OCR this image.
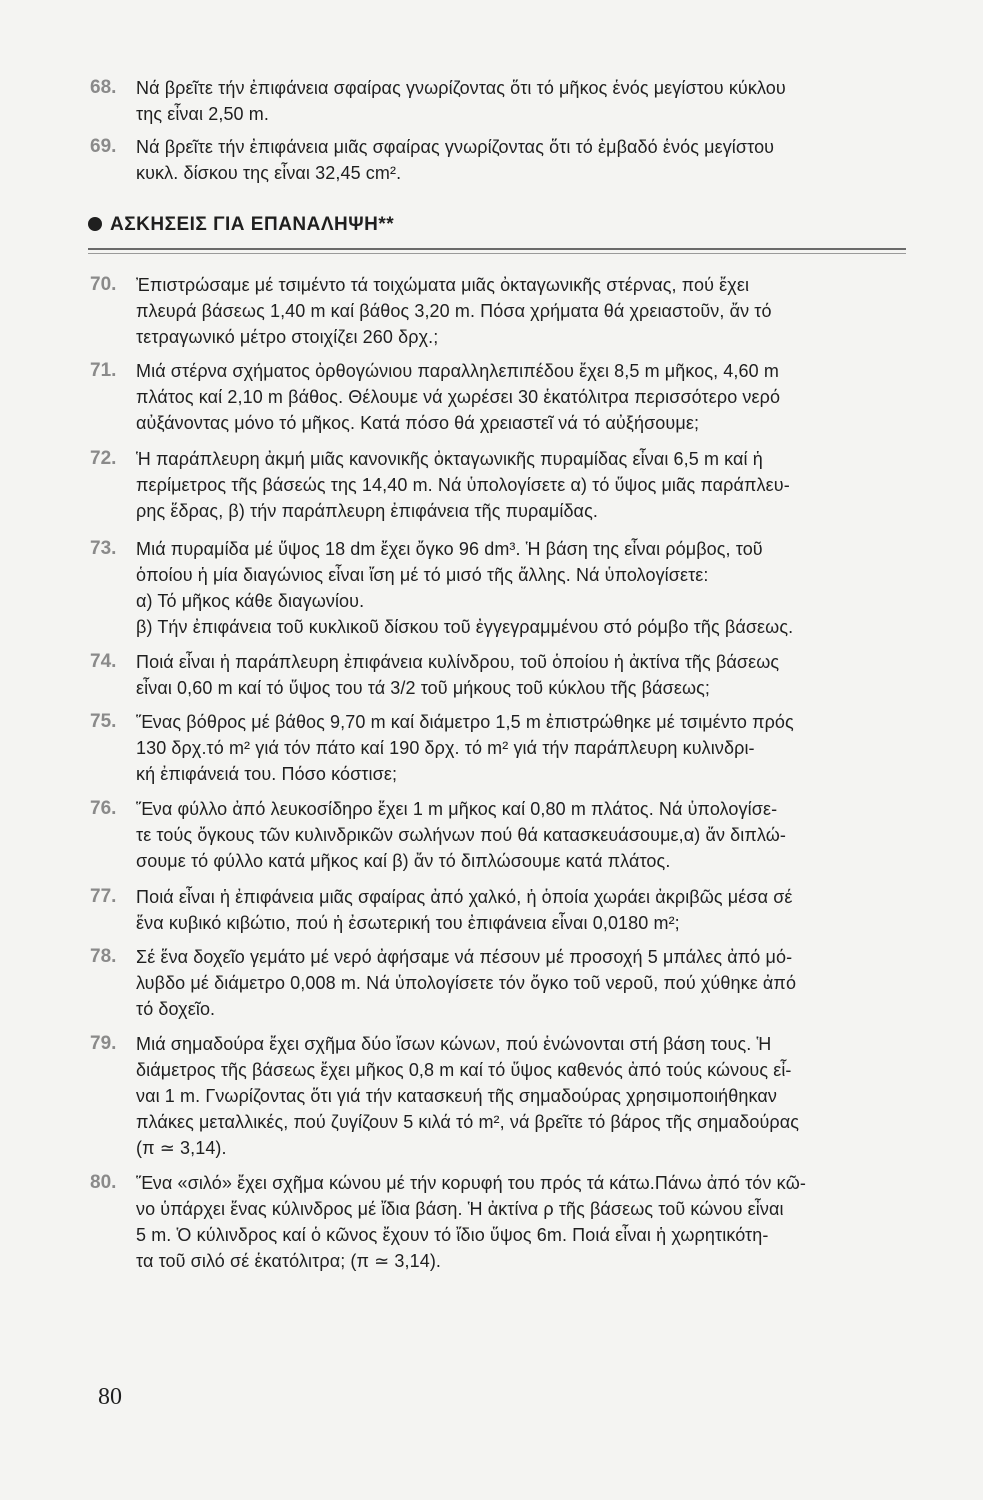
68.	Νά βρεῖτε τήν ἐπιφάνεια σφαίρας γνωρίζοντας ὅτι τό μῆκος ἑνός μεγίστου κύκλου
της εἶναι 2,50 m.
69.	Νά βρεῖτε τήν ἐπιφάνεια μιᾶς σφαίρας γνωρίζοντας ὅτι τό ἐμβαδό ἑνός μεγίστου
κυκλ. δίσκου της εἶναι 32,45 cm².
ΑΣΚΗΣΕΙΣ ΓΙΑ ΕΠΑΝΑΛΗΨΗ**
70.	Ἐπιστρώσαμε μέ τσιμέντο τά τοιχώματα μιᾶς ὀκταγωνικῆς στέρνας, πού ἔχει
πλευρά βάσεως 1,40 m καί βάθος 3,20 m. Πόσα χρήματα θά χρειαστοῦν, ἄν τό
τετραγωνικό μέτρο στοιχίζει 260 δρχ.;
71.	Μιά στέρνα σχήματος ὀρθογώνιου παραλληλεπιπέδου ἔχει 8,5 m μῆκος, 4,60 m
πλάτος καί 2,10 m βάθος. Θέλουμε νά χωρέσει 30 ἑκατόλιτρα περισσότερο νερό
αὐξάνοντας μόνο τό μῆκος. Κατά πόσο θά χρειαστεῖ νά τό αὐξήσουμε;
72.	Ἡ παράπλευρη ἀκμή μιᾶς κανονικῆς ὀκταγωνικῆς πυραμίδας εἶναι 6,5 m καί ἡ
περίμετρος τῆς βάσεώς της 14,40 m. Νά ὑπολογίσετε α) τό ὕψος μιᾶς παράπλευ-
ρης ἕδρας, β) τήν παράπλευρη ἐπιφάνεια τῆς πυραμίδας.
73.	Μιά πυραμίδα μέ ὕψος 18 dm ἔχει ὄγκο 96 dm³. Ἡ βάση της εἶναι ρόμβος, τοῦ
ὁποίου ἡ μία διαγώνιος εἶναι ἴση μέ τό μισό τῆς ἄλλης. Νά ὑπολογίσετε:
α) Τό μῆκος κάθε διαγωνίου.
β) Τήν ἐπιφάνεια τοῦ κυκλικοῦ δίσκου τοῦ ἐγγεγραμμένου στό ρόμβο τῆς βάσεως.
74.	Ποιά εἶναι ἡ παράπλευρη ἐπιφάνεια κυλίνδρου, τοῦ ὁποίου ἡ ἀκτίνα τῆς βάσεως
εἶναι 0,60 m καί τό ὕψος του τά 3/2 τοῦ μήκους τοῦ κύκλου τῆς βάσεως;
75.	Ἕνας βόθρος μέ βάθος 9,70 m καί διάμετρο 1,5 m ἐπιστρώθηκε μέ τσιμέντο πρός
130 δρχ.τό m² γιά τόν πάτο καί 190 δρχ. τό m² γιά τήν παράπλευρη κυλινδρι-
κή ἐπιφάνειά του. Πόσο κόστισε;
76.	Ἕνα φύλλο ἀπό λευκοσίδηρο ἔχει 1 m μῆκος καί 0,80 m πλάτος. Νά ὑπολογίσε-
τε τούς ὄγκους τῶν κυλινδρικῶν σωλήνων πού θά κατασκευάσουμε,α) ἄν διπλώ-
σουμε τό φύλλο κατά μῆκος καί β) ἄν τό διπλώσουμε κατά πλάτος.
77.	Ποιά εἶναι ἡ ἐπιφάνεια μιᾶς σφαίρας ἀπό χαλκό, ἡ ὁποία χωράει ἀκριβῶς μέσα σέ
ἕνα κυβικό κιβώτιο, πού ἡ ἐσωτερική του ἐπιφάνεια εἶναι 0,0180 m²;
78.	Σέ ἕνα δοχεῖο γεμάτο μέ νερό ἀφήσαμε νά πέσουν μέ προσοχή 5 μπάλες ἀπό μό-
λυβδο μέ διάμετρο 0,008 m. Νά ὑπολογίσετε τόν ὄγκο τοῦ νεροῦ, πού χύθηκε ἀπό
τό δοχεῖο.
79.	Μιά σημαδούρα ἔχει σχῆμα δύο ἴσων κώνων, πού ἑνώνονται στή βάση τους. Ἡ
διάμετρος τῆς βάσεως ἔχει μῆκος 0,8 m καί τό ὕψος καθενός ἀπό τούς κώνους εἶ-
ναι 1 m. Γνωρίζοντας ὅτι γιά τήν κατασκευή τῆς σημαδούρας χρησιμοποιήθηκαν
πλάκες μεταλλικές, πού ζυγίζουν 5 κιλά τό m², νά βρεῖτε τό βάρος τῆς σημαδούρας
(π ≃ 3,14).
80.	Ἕνα «σιλό» ἔχει σχῆμα κώνου μέ τήν κορυφή του πρός τά κάτω.Πάνω ἀπό τόν κῶ-
νο ὑπάρχει ἕνας κύλινδρος μέ ἴδια βάση. Ἡ ἀκτίνα ρ τῆς βάσεως τοῦ κώνου εἶναι
5 m. Ὁ κύλινδρος καί ὁ κῶνος ἔχουν τό ἴδιο ὕψος 6m. Ποιά εἶναι ἡ χωρητικότη-
τα τοῦ σιλό σέ ἑκατόλιτρα; (π ≃ 3,14).
80
